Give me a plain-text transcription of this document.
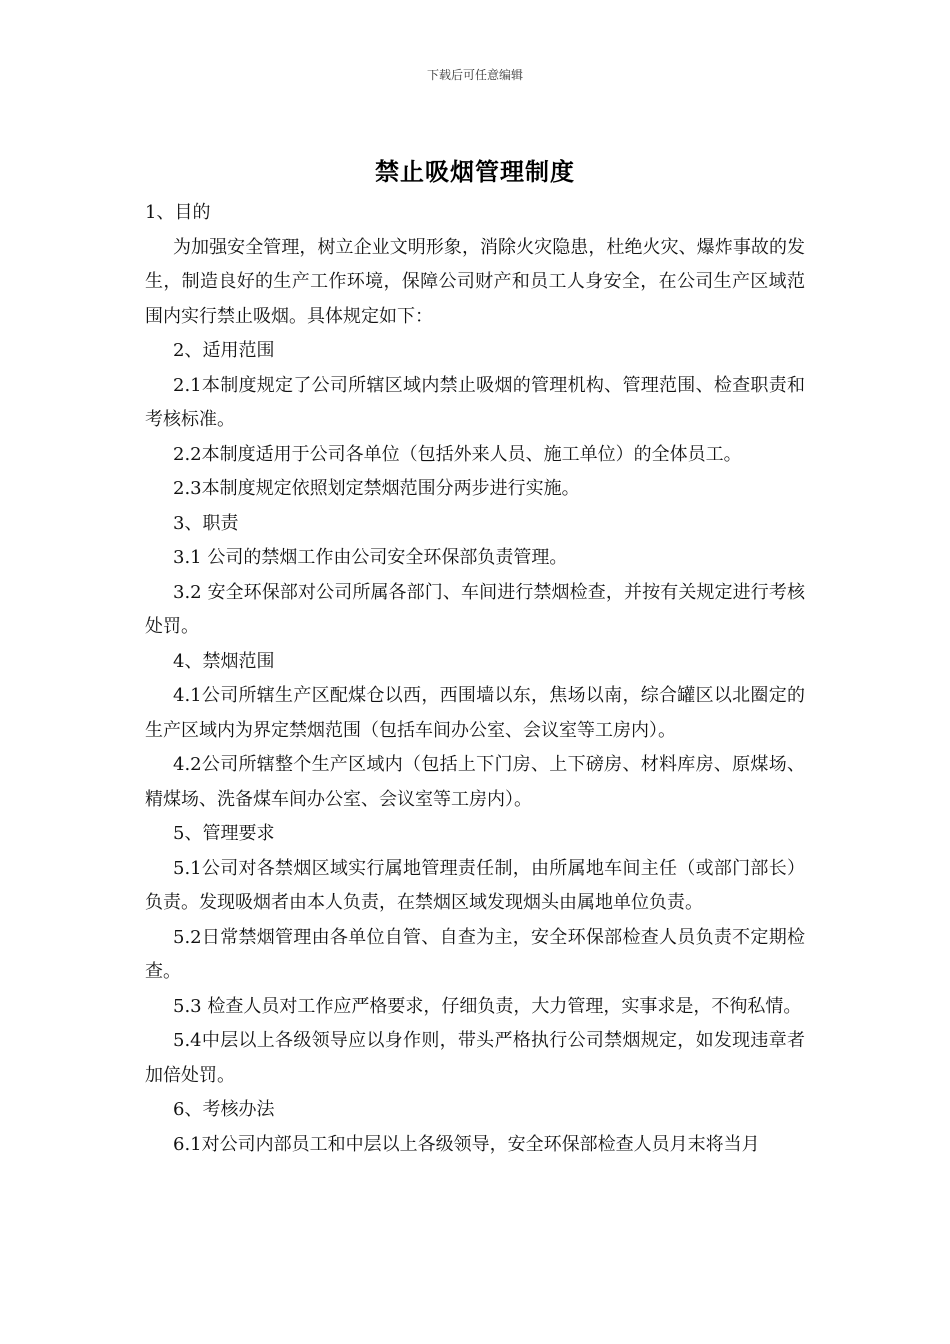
下载后可任意编辑
禁止吸烟管理制度

1、目的

为加强安全管理，树立企业文明形象，消除火灾隐患，杜绝火灾、爆炸事故的发生，制造良好的生产工作环境，保障公司财产和员工人身安全，在公司生产区域范围内实行禁止吸烟。具体规定如下：

2、适用范围

2.1本制度规定了公司所辖区域内禁止吸烟的管理机构、管理范围、检查职责和考核标准。

2.2本制度适用于公司各单位（包括外来人员、施工单位）的全体员工。

2.3本制度规定依照划定禁烟范围分两步进行实施。

3、职责

3.1 公司的禁烟工作由公司安全环保部负责管理。

3.2 安全环保部对公司所属各部门、车间进行禁烟检查，并按有关规定进行考核处罚。

4、禁烟范围

4.1公司所辖生产区配煤仓以西，西围墙以东，焦场以南，综合罐区以北圈定的生产区域内为界定禁烟范围（包括车间办公室、会议室等工房内）。

4.2公司所辖整个生产区域内（包括上下门房、上下磅房、材料库房、原煤场、精煤场、洗备煤车间办公室、会议室等工房内）。

5、管理要求

5.1公司对各禁烟区域实行属地管理责任制，由所属地车间主任（或部门部长）负责。发现吸烟者由本人负责，在禁烟区域发现烟头由属地单位负责。

5.2日常禁烟管理由各单位自管、自查为主，安全环保部检查人员负责不定期检查。

5.3 检查人员对工作应严格要求，仔细负责，大力管理，实事求是，不徇私情。

5.4中层以上各级领导应以身作则，带头严格执行公司禁烟规定，如发现违章者加倍处罚。

6、考核办法

6.1对公司内部员工和中层以上各级领导，安全环保部检查人员月末将当月
